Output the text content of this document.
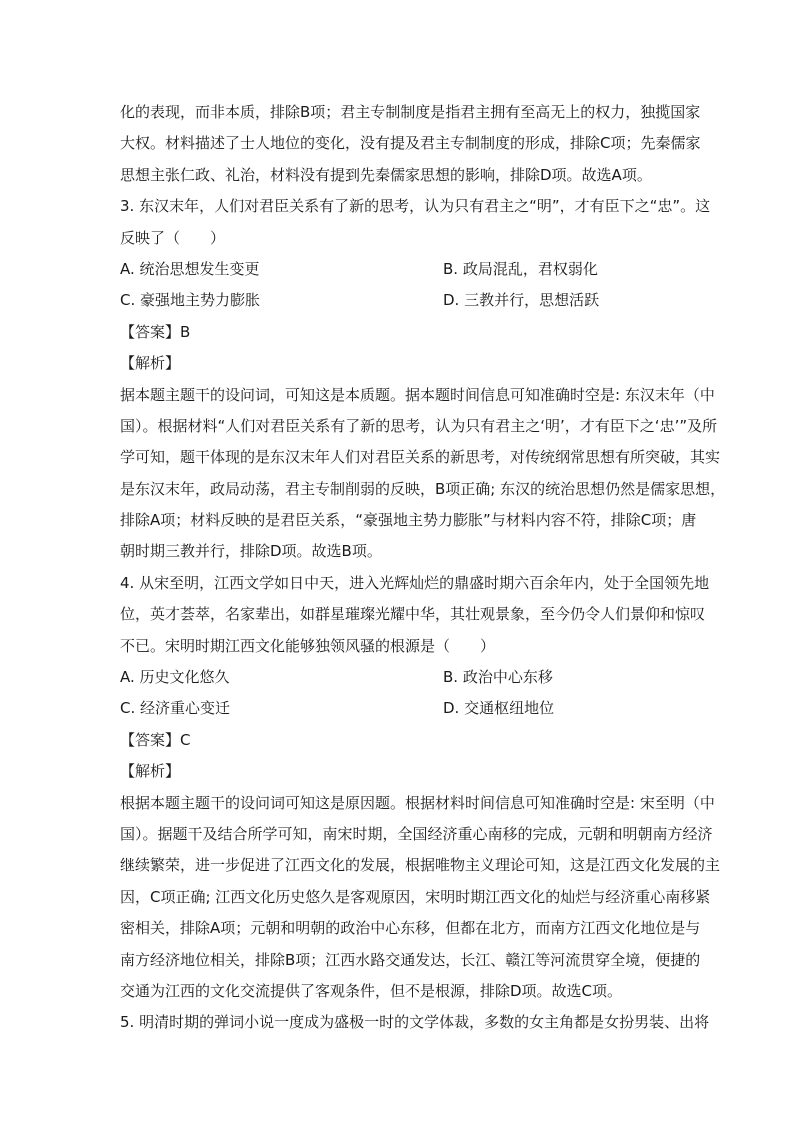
化的表现，而非本质，排除B项；君主专制制度是指君主拥有至高无上的权力，独揽国家
大权。材料描述了士人地位的变化，没有提及君主专制制度的形成，排除C项；先秦儒家
思想主张仁政、礼治，材料没有提到先秦儒家思想的影响，排除D项。故选A项。
3. 东汉末年，人们对君臣关系有了新的思考，认为只有君主之“明”，才有臣下之“忠”。这
反映了（　　）
A. 统治思想发生变更	B. 政局混乱，君权弱化
C. 豪强地主势力膨胀	D. 三教并行，思想活跃
【答案】B
【解析】
据本题主题干的设问词，可知这是本质题。据本题时间信息可知准确时空是: 东汉末年（中
国）。根据材料“人们对君臣关系有了新的思考，认为只有君主之‘明’，才有臣下之‘忠’”及所
学可知，题干体现的是东汉末年人们对君臣关系的新思考，对传统纲常思想有所突破，其实
是东汉末年，政局动荡，君主专制削弱的反映，B项正确; 东汉的统治思想仍然是儒家思想，
排除A项；材料反映的是君臣关系，“豪强地主势力膨胀”与材料内容不符，排除C项；唐
朝时期三教并行，排除D项。故选B项。
4. 从宋至明，江西文学如日中天，进入光辉灿烂的鼎盛时期六百余年内，处于全国领先地
位，英才荟萃，名家辈出，如群星璀璨光耀中华，其壮观景象，至今仍令人们景仰和惊叹
不已。宋明时期江西文化能够独领风骚的根源是（　　）
A. 历史文化悠久	B. 政治中心东移
C. 经济重心变迁	D. 交通枢纽地位
【答案】C
【解析】
根据本题主题干的设问词可知这是原因题。根据材料时间信息可知准确时空是: 宋至明（中
国）。据题干及结合所学可知，南宋时期，全国经济重心南移的完成，元朝和明朝南方经济
继续繁荣，进一步促进了江西文化的发展，根据唯物主义理论可知，这是江西文化发展的主
因，C项正确; 江西文化历史悠久是客观原因，宋明时期江西文化的灿烂与经济重心南移紧
密相关，排除A项；元朝和明朝的政治中心东移，但都在北方，而南方江西文化地位是与
南方经济地位相关，排除B项；江西水路交通发达，长江、赣江等河流贯穿全境，便捷的
交通为江西的文化交流提供了客观条件，但不是根源，排除D项。故选C项。
5. 明清时期的弹词小说一度成为盛极一时的文学体裁，多数的女主角都是女扮男装、出将
